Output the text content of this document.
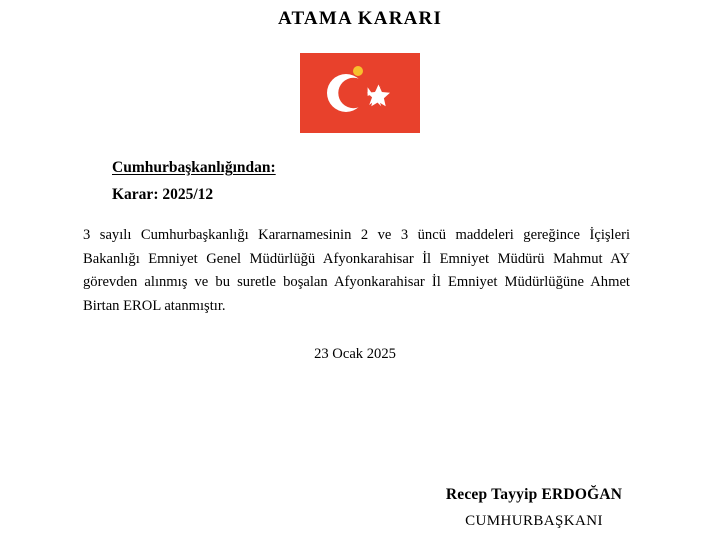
ATAMA KARARI
Cumhurbaşkanlığından:
Karar: 2025/12

3 sayılı Cumhurbaşkanlığı Kararnamesinin 2 ve 3 üncü maddeleri gereğince İçişleri Bakanlığı Emniyet Genel Müdürlüğü Afyonkarahisar İl Emniyet Müdürü Mahmut AY görevden alınmış ve bu suretle boşalan Afyonkarahisar İl Emniyet Müdürlüğüne Ahmet Birtan EROL atanmıştır.

23 Ocak 2025
Recep Tayyip ERDOĞAN
CUMHURBAŞKANI
